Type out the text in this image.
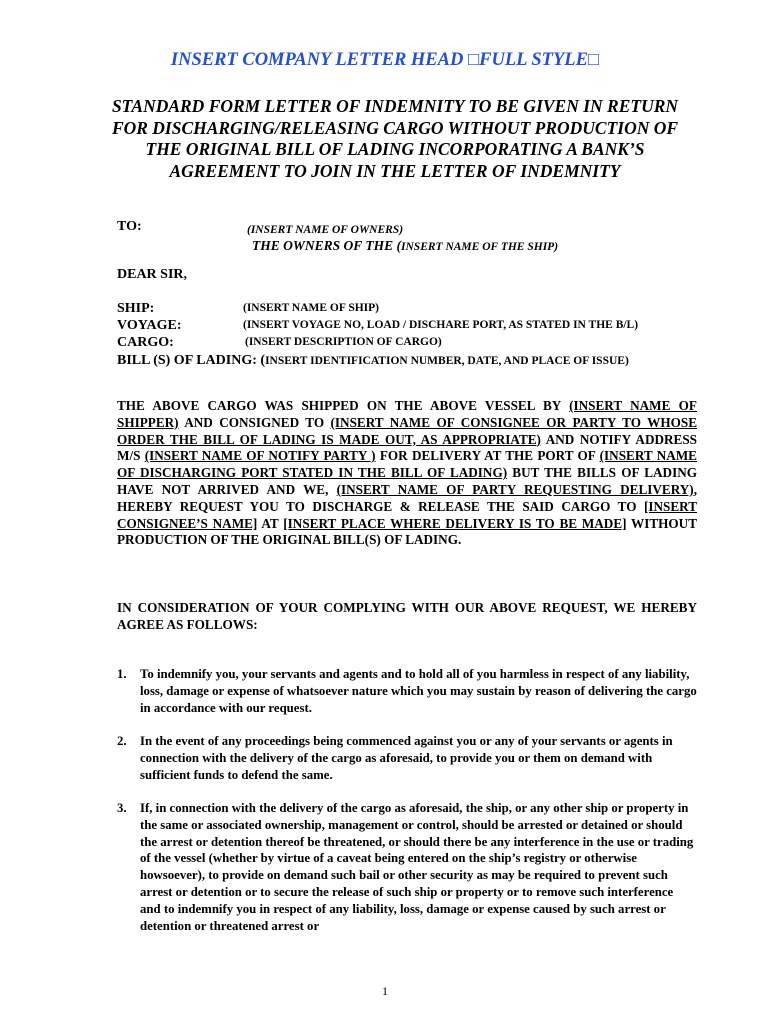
INSERT COMPANY LETTER HEAD □FULL STYLE□
STANDARD FORM LETTER OF INDEMNITY TO BE GIVEN IN RETURN FOR DISCHARGING/RELEASING CARGO WITHOUT PRODUCTION OF THE ORIGINAL BILL OF LADING INCORPORATING A BANK’S AGREEMENT TO JOIN IN THE LETTER OF INDEMNITY
TO:	(INSERT NAME OF OWNERS)
THE OWNERS OF THE (INSERT NAME OF THE SHIP)
DEAR SIR,
SHIP:	(INSERT NAME OF SHIP)
VOYAGE:	(INSERT VOYAGE NO, LOAD / DISCHARE PORT, AS STATED IN THE B/L)
CARGO:	(INSERT DESCRIPTION OF CARGO)
BILL (S) OF LADING: (INSERT IDENTIFICATION NUMBER, DATE, AND PLACE OF ISSUE)
THE ABOVE CARGO WAS SHIPPED ON THE ABOVE VESSEL BY (INSERT NAME OF SHIPPER) AND CONSIGNED TO (INSERT NAME OF CONSIGNEE OR PARTY TO WHOSE ORDER THE BILL OF LADING IS MADE OUT, AS APPROPRIATE) AND NOTIFY ADDRESS M/S (INSERT NAME OF NOTIFY PARTY ) FOR DELIVERY AT THE PORT OF (INSERT NAME OF DISCHARGING PORT STATED IN THE BILL OF LADING) BUT THE BILLS OF LADING HAVE NOT ARRIVED AND WE, (INSERT NAME OF PARTY REQUESTING DELIVERY), HEREBY REQUEST YOU TO DISCHARGE & RELEASE THE SAID CARGO TO [INSERT CONSIGNEE’S NAME] AT [INSERT PLACE WHERE DELIVERY IS TO BE MADE] WITHOUT PRODUCTION OF THE ORIGINAL BILL(S) OF LADING.
IN CONSIDERATION OF YOUR COMPLYING WITH OUR ABOVE REQUEST, WE HEREBY AGREE AS FOLLOWS:
1. To indemnify you, your servants and agents and to hold all of you harmless in respect of any liability, loss, damage or expense of whatsoever nature which you may sustain by reason of delivering the cargo in accordance with our request.
2. In the event of any proceedings being commenced against you or any of your servants or agents in connection with the delivery of the cargo as aforesaid, to provide you or them on demand with sufficient funds to defend the same.
3. If, in connection with the delivery of the cargo as aforesaid, the ship, or any other ship or property in the same or associated ownership, management or control, should be arrested or detained or should the arrest or detention thereof be threatened, or should there be any interference in the use or trading of the vessel (whether by virtue of a caveat being entered on the ship’s registry or otherwise howsoever), to provide on demand such bail or other security as may be required to prevent such arrest or detention or to secure the release of such ship or property or to remove such interference and to indemnify you in respect of any liability, loss, damage or expense caused by such arrest or detention or threatened arrest or
1
